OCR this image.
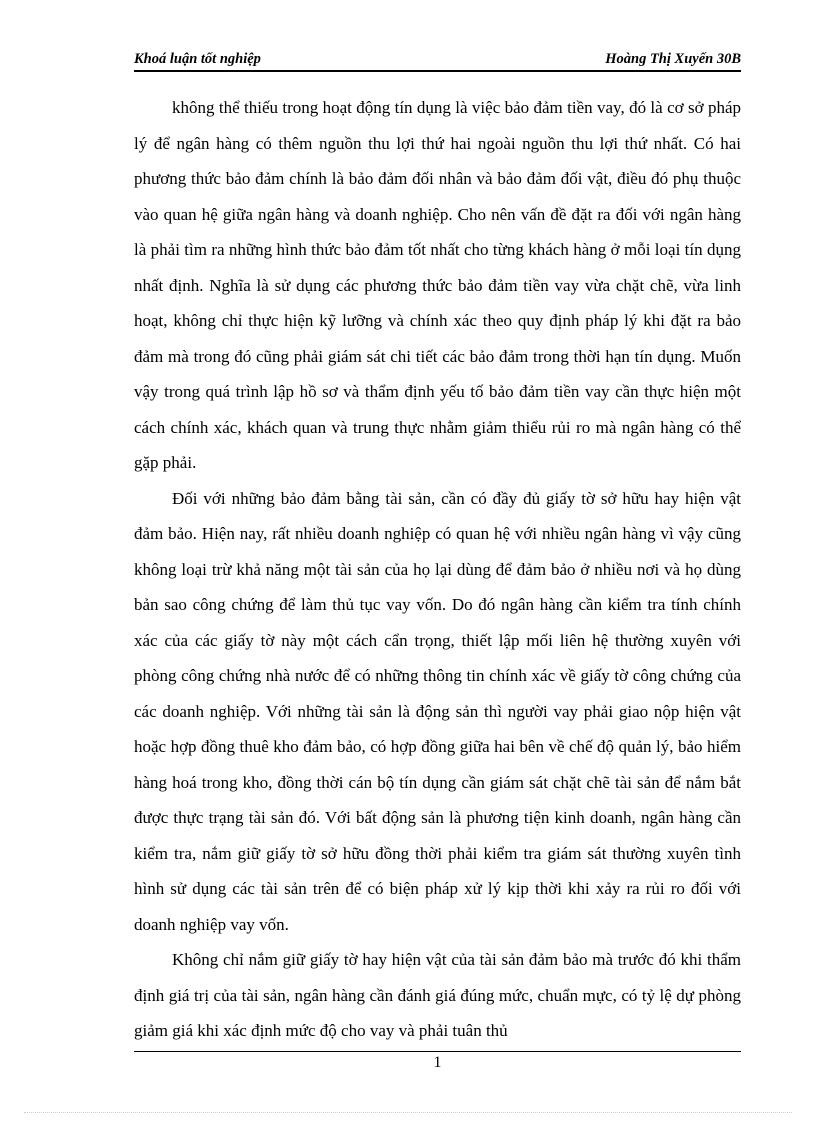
Khoá luận tốt nghiệp	Hoàng Thị Xuyến 30B

không thể thiếu trong hoạt động tín dụng là việc bảo đảm tiền vay, đó là cơ sở pháp lý để ngân hàng có thêm nguồn thu lợi thứ hai ngoài nguồn thu lợi thứ nhất. Có hai phương thức bảo đảm chính là bảo đảm đối nhân và bảo đảm đối vật, điều đó phụ thuộc vào quan hệ giữa ngân hàng và doanh nghiệp. Cho nên vấn đề đặt ra đối với ngân hàng là phải tìm ra những hình thức bảo đảm tốt nhất cho từng khách hàng ở mỗi loại tín dụng nhất định. Nghĩa là sử dụng các phương thức bảo đảm tiền vay vừa chặt chẽ, vừa linh hoạt, không chỉ thực hiện kỹ lưỡng và chính xác theo quy định pháp lý khi đặt ra bảo đảm mà trong đó cũng phải giám sát chi tiết các bảo đảm trong thời hạn tín dụng. Muốn vậy trong quá trình lập hồ sơ và thẩm định yếu tố bảo đảm tiền vay cần thực hiện một cách chính xác, khách quan và trung thực nhằm giảm thiểu rủi ro mà ngân hàng có thể gặp phải.

Đối với những bảo đảm bằng tài sản, cần có đầy đủ giấy tờ sở hữu hay hiện vật đảm bảo. Hiện nay, rất nhiều doanh nghiệp có quan hệ với nhiều ngân hàng vì vậy cũng không loại trừ khả năng một tài sản của họ lại dùng để đảm bảo ở nhiều nơi và họ dùng bản sao công chứng để làm thủ tục vay vốn. Do đó ngân hàng cần kiểm tra tính chính xác của các giấy tờ này một cách cẩn trọng, thiết lập mối liên hệ thường xuyên với phòng công chứng nhà nước để có những thông tin chính xác về giấy tờ công chứng của các doanh nghiệp. Với những tài sản là động sản thì người vay phải giao nộp hiện vật hoặc hợp đồng thuê kho đảm bảo, có hợp đồng giữa hai bên về chế độ quản lý, bảo hiểm hàng hoá trong kho, đồng thời cán bộ tín dụng cần giám sát chặt chẽ tài sản để nắm bắt được thực trạng tài sản đó. Với bất động sản là phương tiện kinh doanh, ngân hàng cần kiểm tra, nắm giữ giấy tờ sở hữu đồng thời phải kiểm tra giám sát thường xuyên tình hình sử dụng các tài sản trên để có biện pháp xử lý kịp thời khi xảy ra rủi ro đối với doanh nghiệp vay vốn.

Không chỉ nắm giữ giấy tờ hay hiện vật của tài sản đảm bảo mà trước đó khi thẩm định giá trị của tài sản, ngân hàng cần đánh giá đúng mức, chuẩn mực, có tỷ lệ dự phòng giảm giá khi xác định mức độ cho vay và phải tuân thủ

1
